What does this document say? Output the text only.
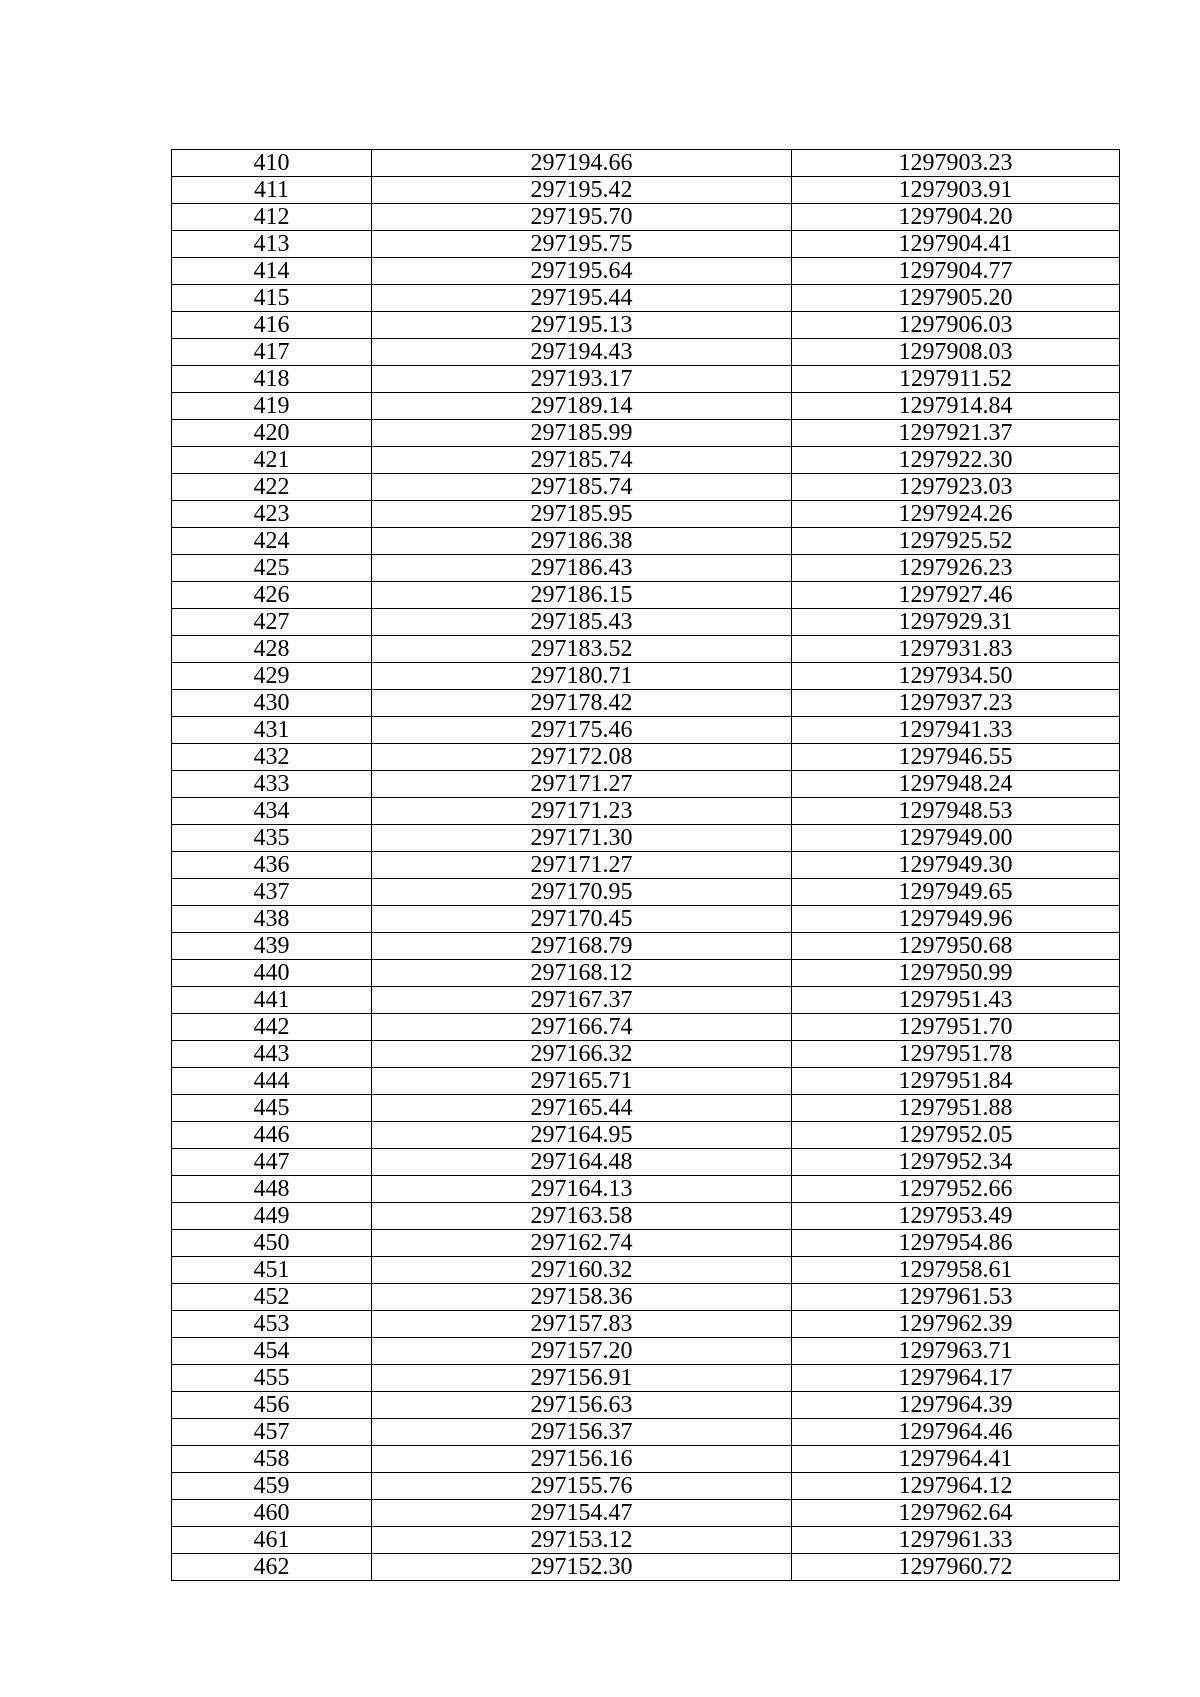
410	297194.66	1297903.23
411	297195.42	1297903.91
412	297195.70	1297904.20
413	297195.75	1297904.41
414	297195.64	1297904.77
415	297195.44	1297905.20
416	297195.13	1297906.03
417	297194.43	1297908.03
418	297193.17	1297911.52
419	297189.14	1297914.84
420	297185.99	1297921.37
421	297185.74	1297922.30
422	297185.74	1297923.03
423	297185.95	1297924.26
424	297186.38	1297925.52
425	297186.43	1297926.23
426	297186.15	1297927.46
427	297185.43	1297929.31
428	297183.52	1297931.83
429	297180.71	1297934.50
430	297178.42	1297937.23
431	297175.46	1297941.33
432	297172.08	1297946.55
433	297171.27	1297948.24
434	297171.23	1297948.53
435	297171.30	1297949.00
436	297171.27	1297949.30
437	297170.95	1297949.65
438	297170.45	1297949.96
439	297168.79	1297950.68
440	297168.12	1297950.99
441	297167.37	1297951.43
442	297166.74	1297951.70
443	297166.32	1297951.78
444	297165.71	1297951.84
445	297165.44	1297951.88
446	297164.95	1297952.05
447	297164.48	1297952.34
448	297164.13	1297952.66
449	297163.58	1297953.49
450	297162.74	1297954.86
451	297160.32	1297958.61
452	297158.36	1297961.53
453	297157.83	1297962.39
454	297157.20	1297963.71
455	297156.91	1297964.17
456	297156.63	1297964.39
457	297156.37	1297964.46
458	297156.16	1297964.41
459	297155.76	1297964.12
460	297154.47	1297962.64
461	297153.12	1297961.33
462	297152.30	1297960.72
